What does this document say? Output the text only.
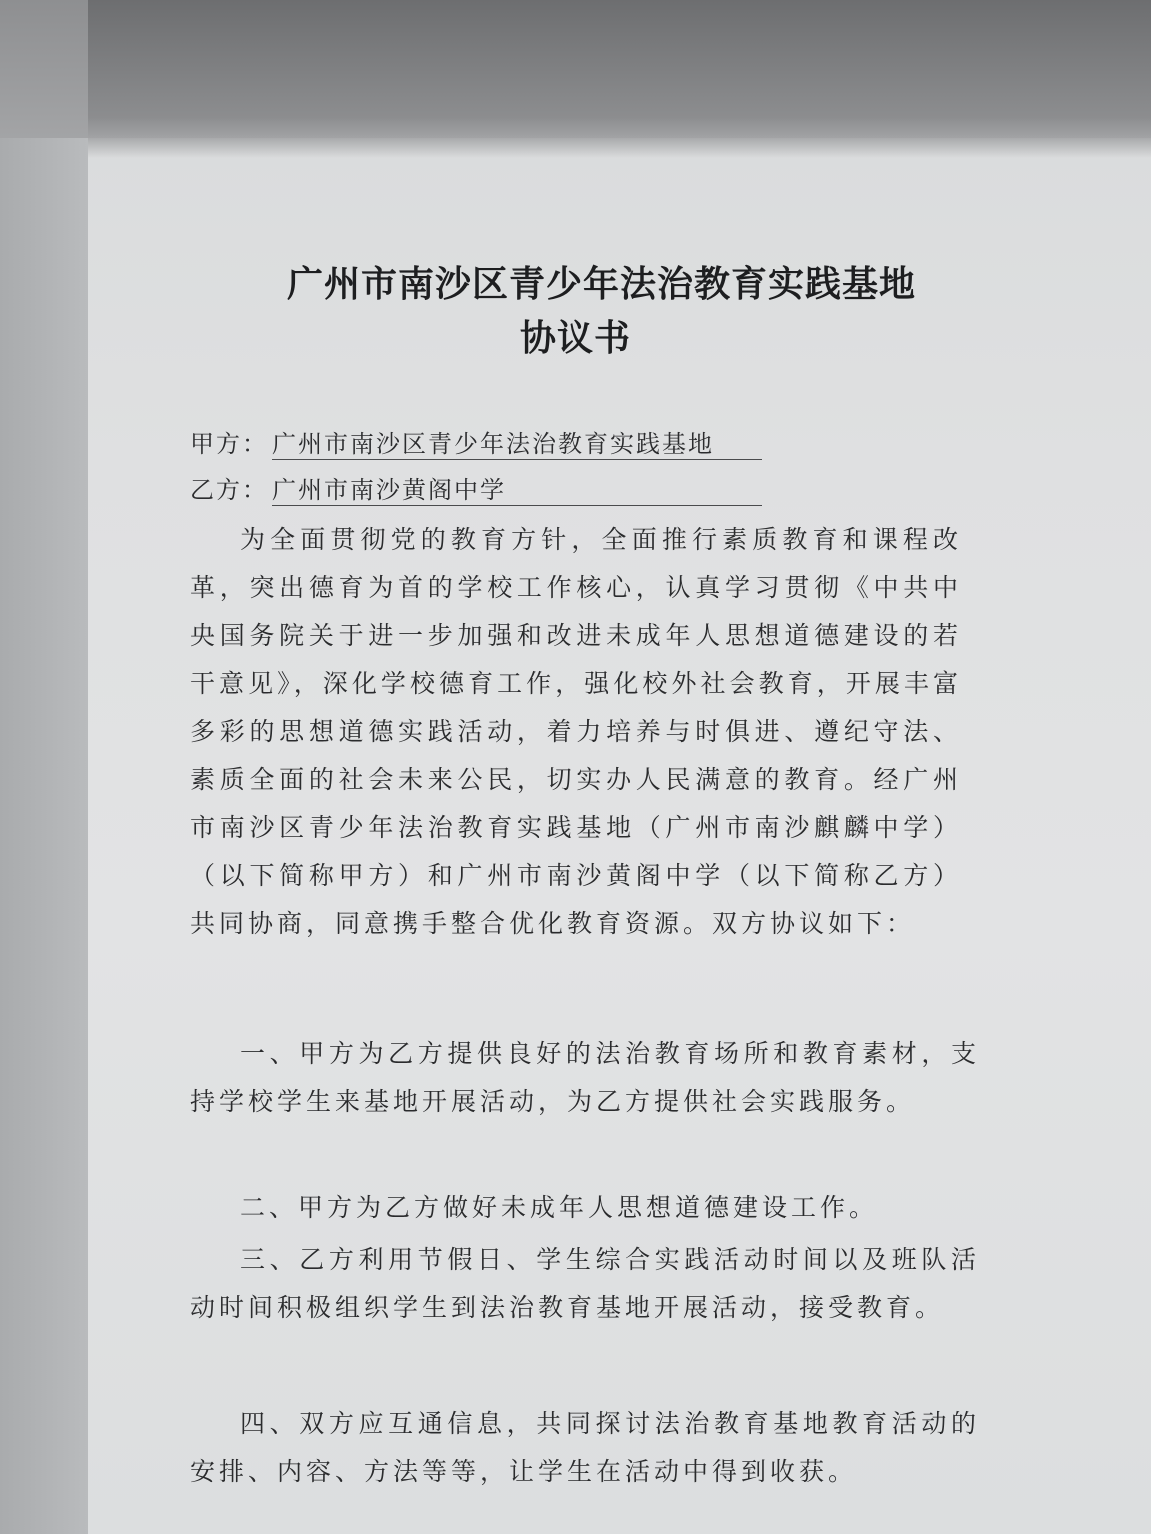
广州市南沙区青少年法治教育实践基地
协议书
甲方： 广州市南沙区青少年法治教育实践基地
乙方： 广州市南沙黄阁中学
为全面贯彻党的教育方针，全面推行素质教育和课程改革，突出德育为首的学校工作核心，认真学习贯彻《中共中央国务院关于进一步加强和改进未成年人思想道德建设的若干意见》，深化学校德育工作，强化校外社会教育，开展丰富多彩的思想道德实践活动，着力培养与时俱进、遵纪守法、素质全面的社会未来公民，切实办人民满意的教育。经广州市南沙区青少年法治教育实践基地（广州市南沙麒麟中学）（以下简称甲方）和广州市南沙黄阁中学（以下简称乙方）共同协商，同意携手整合优化教育资源。双方协议如下：
一、甲方为乙方提供良好的法治教育场所和教育素材，支持学校学生来基地开展活动，为乙方提供社会实践服务。
二、甲方为乙方做好未成年人思想道德建设工作。
三、乙方利用节假日、学生综合实践活动时间以及班队活动时间积极组织学生到法治教育基地开展活动，接受教育。
四、双方应互通信息，共同探讨法治教育基地教育活动的安排、内容、方法等等，让学生在活动中得到收获。
